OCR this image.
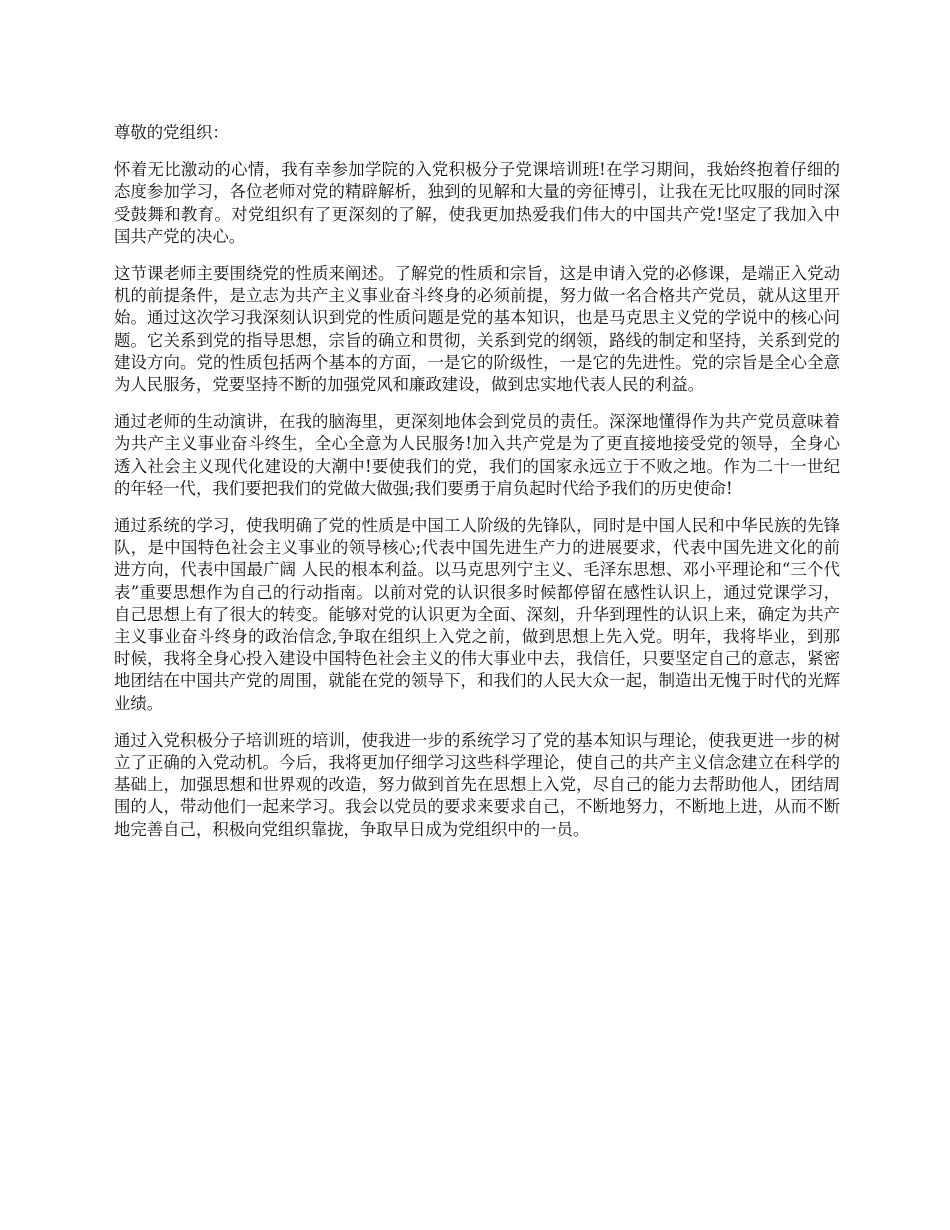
尊敬的党组织：

怀着无比激动的心情，我有幸参加学院的入党积极分子党课培训班!在学习期间，我始终抱着仔细的态度参加学习，各位老师对党的精辟解析，独到的见解和大量的旁征博引，让我在无比叹服的同时深受鼓舞和教育。对党组织有了更深刻的了解，使我更加热爱我们伟大的中国共产党!坚定了我加入中国共产党的决心。

这节课老师主要围绕党的性质来阐述。了解党的性质和宗旨，这是申请入党的必修课，是端正入党动机的前提条件，是立志为共产主义事业奋斗终身的必须前提，努力做一名合格共产党员，就从这里开始。通过这次学习我深刻认识到党的性质问题是党的基本知识，也是马克思主义党的学说中的核心问题。它关系到党的指导思想，宗旨的确立和贯彻，关系到党的纲领，路线的制定和坚持，关系到党的建设方向。党的性质包括两个基本的方面，一是它的阶级性，一是它的先进性。党的宗旨是全心全意为人民服务，党要坚持不断的加强党风和廉政建设，做到忠实地代表人民的利益。

通过老师的生动演讲，在我的脑海里，更深刻地体会到党员的责任。深深地懂得作为共产党员意味着为共产主义事业奋斗终生，全心全意为人民服务!加入共产党是为了更直接地接受党的领导，全身心透入社会主义现代化建设的大潮中!要使我们的党，我们的国家永远立于不败之地。作为二十一世纪的年轻一代，我们要把我们的党做大做强;我们要勇于肩负起时代给予我们的历史使命!

通过系统的学习，使我明确了党的性质是中国工人阶级的先锋队，同时是中国人民和中华民族的先锋队，是中国特色社会主义事业的领导核心;代表中国先进生产力的进展要求，代表中国先进文化的前进方向，代表中国最广阔 人民的根本利益。以马克思列宁主义、毛泽东思想、邓小平理论和“三个代表”重要思想作为自己的行动指南。以前对党的认识很多时候都停留在感性认识上，通过党课学习，自己思想上有了很大的转变。能够对党的认识更为全面、深刻，升华到理性的认识上来，确定为共产主义事业奋斗终身的政治信念,争取在组织上入党之前，做到思想上先入党。明年，我将毕业，到那时候，我将全身心投入建设中国特色社会主义的伟大事业中去，我信任，只要坚定自己的意志，紧密地团结在中国共产党的周围，就能在党的领导下，和我们的人民大众一起，制造出无愧于时代的光辉业绩。

通过入党积极分子培训班的培训，使我进一步的系统学习了党的基本知识与理论，使我更进一步的树立了正确的入党动机。今后，我将更加仔细学习这些科学理论，使自己的共产主义信念建立在科学的基础上，加强思想和世界观的改造，努力做到首先在思想上入党，尽自己的能力去帮助他人，团结周围的人，带动他们一起来学习。我会以党员的要求来要求自己，不断地努力，不断地上进，从而不断地完善自己，积极向党组织靠拢，争取早日成为党组织中的一员。
